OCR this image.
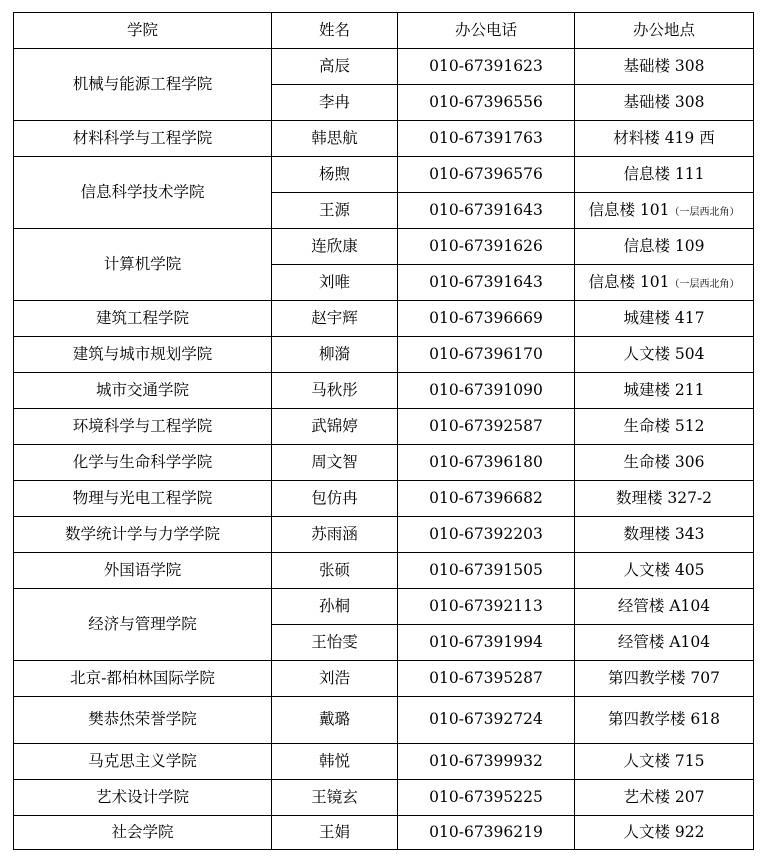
学院	姓名	办公电话	办公地点
机械与能源工程学院	高辰	010-67391623	基础楼 308
	李冉	010-67396556	基础楼 308
材料科学与工程学院	韩思航	010-67391763	材料楼 419 西
信息科学技术学院	杨煦	010-67396576	信息楼 111
	王源	010-67391643	信息楼 101（一层西北角）
计算机学院	连欣康	010-67391626	信息楼 109
	刘唯	010-67391643	信息楼 101（一层西北角）
建筑工程学院	赵宇辉	010-67396669	城建楼 417
建筑与城市规划学院	柳漪	010-67396170	人文楼 504
城市交通学院	马秋彤	010-67391090	城建楼 211
环境科学与工程学院	武锦婷	010-67392587	生命楼 512
化学与生命科学学院	周文智	010-67396180	生命楼 306
物理与光电工程学院	包仿冉	010-67396682	数理楼 327-2
数学统计学与力学学院	苏雨涵	010-67392203	数理楼 343
外国语学院	张硕	010-67391505	人文楼 405
经济与管理学院	孙桐	010-67392113	经管楼 A104
	王怡雯	010-67391994	经管楼 A104
北京-都柏林国际学院	刘浩	010-67395287	第四教学楼 707
樊恭烋荣誉学院	戴璐	010-67392724	第四教学楼 618
马克思主义学院	韩悦	010-67399932	人文楼 715
艺术设计学院	王镜玄	010-67395225	艺术楼 207
社会学院	王娟	010-67396219	人文楼 922
